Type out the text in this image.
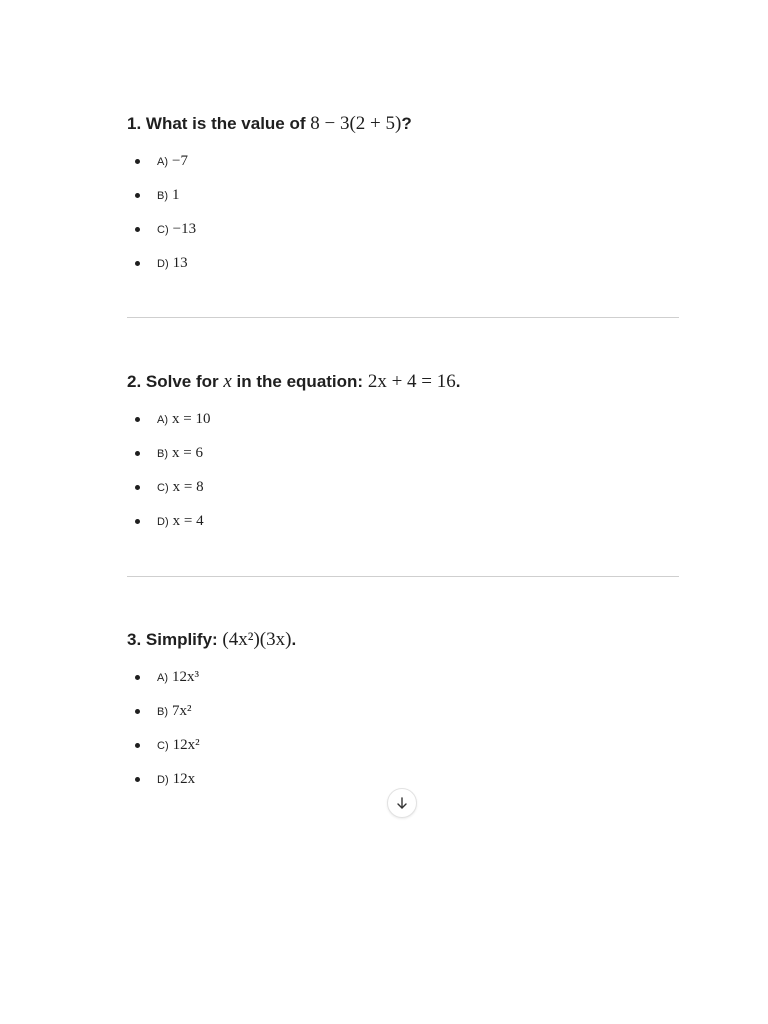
1. What is the value of 8 − 3(2 + 5)?
A) −7
B) 1
C) −13
D) 13
2. Solve for x in the equation: 2x + 4 = 16.
A) x = 10
B) x = 6
C) x = 8
D) x = 4
3. Simplify: (4x²)(3x).
A) 12x³
B) 7x²
C) 12x²
D) 12x
